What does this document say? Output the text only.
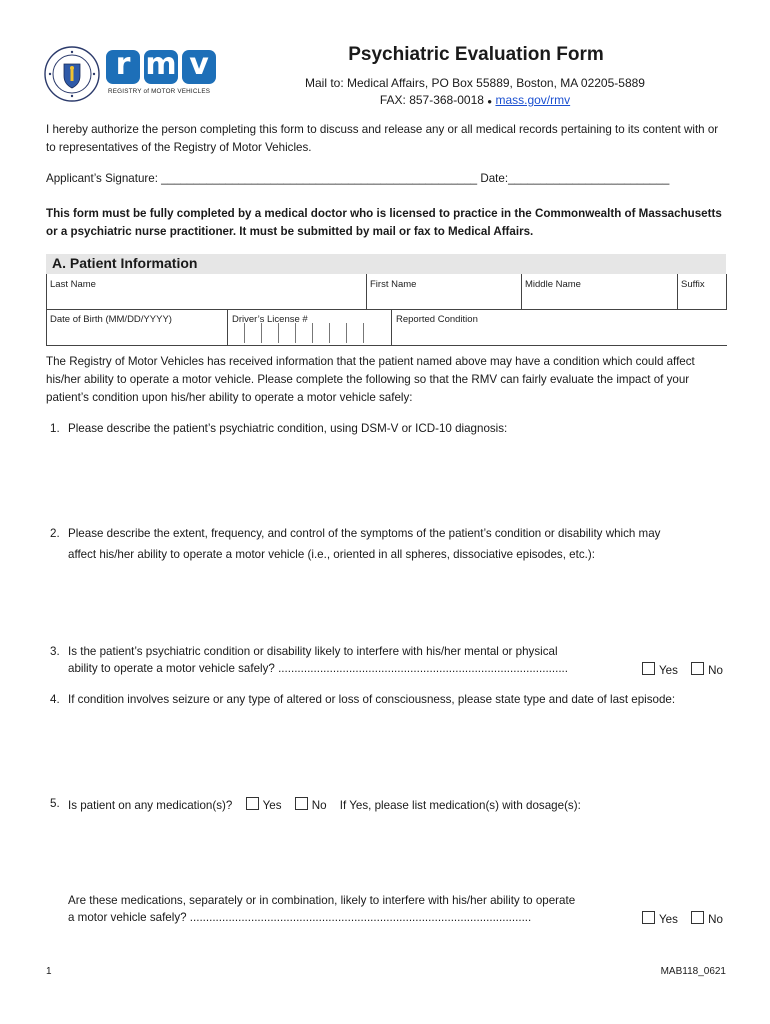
r m v
REGISTRY of MOTOR VEHICLES
Psychiatric Evaluation Form
Mail to: Medical Affairs, PO Box 55889, Boston, MA 02205-5889
FAX: 857-368-0018 ● mass.gov/rmv
I hereby authorize the person completing this form to discuss and release any or all medical records pertaining to its content with or to representatives of the Registry of Motor Vehicles.
Applicant’s Signature: _________________________________________________ Date:_________________________
This form must be fully completed by a medical doctor who is licensed to practice in the Commonwealth of Massachusetts or a psychiatric nurse practitioner. It must be submitted by mail or fax to Medical Affairs.
A. Patient Information
Last Name	First Name	Middle Name	Suffix
Date of Birth (MM/DD/YYYY)	Driver’s License #	Reported Condition
The Registry of Motor Vehicles has received information that the patient named above may have a condition which could affect his/her ability to operate a motor vehicle. Please complete the following so that the RMV can fairly evaluate the impact of your patient’s condition upon his/her ability to operate a motor vehicle safely:
1. Please describe the patient’s psychiatric condition, using DSM-V or ICD-10 diagnosis:
2. Please describe the extent, frequency, and control of the symptoms of the patient’s condition or disability which may
affect his/her ability to operate a motor vehicle (i.e., oriented in all spheres, dissociative episodes, etc.):
3. Is the patient’s psychiatric condition or disability likely to interfere with his/her mental or physical
ability to operate a motor vehicle safely? ..........................................................................................	Yes	No
4. If condition involves seizure or any type of altered or loss of consciousness, please state type and date of last episode:
5. Is patient on any medication(s)?	Yes	No If Yes, please list medication(s) with dosage(s):
Are these medications, separately or in combination, likely to interfere with his/her ability to operate
a motor vehicle safely? ..........................................................................................................	Yes	No
1	MAB118_0621
